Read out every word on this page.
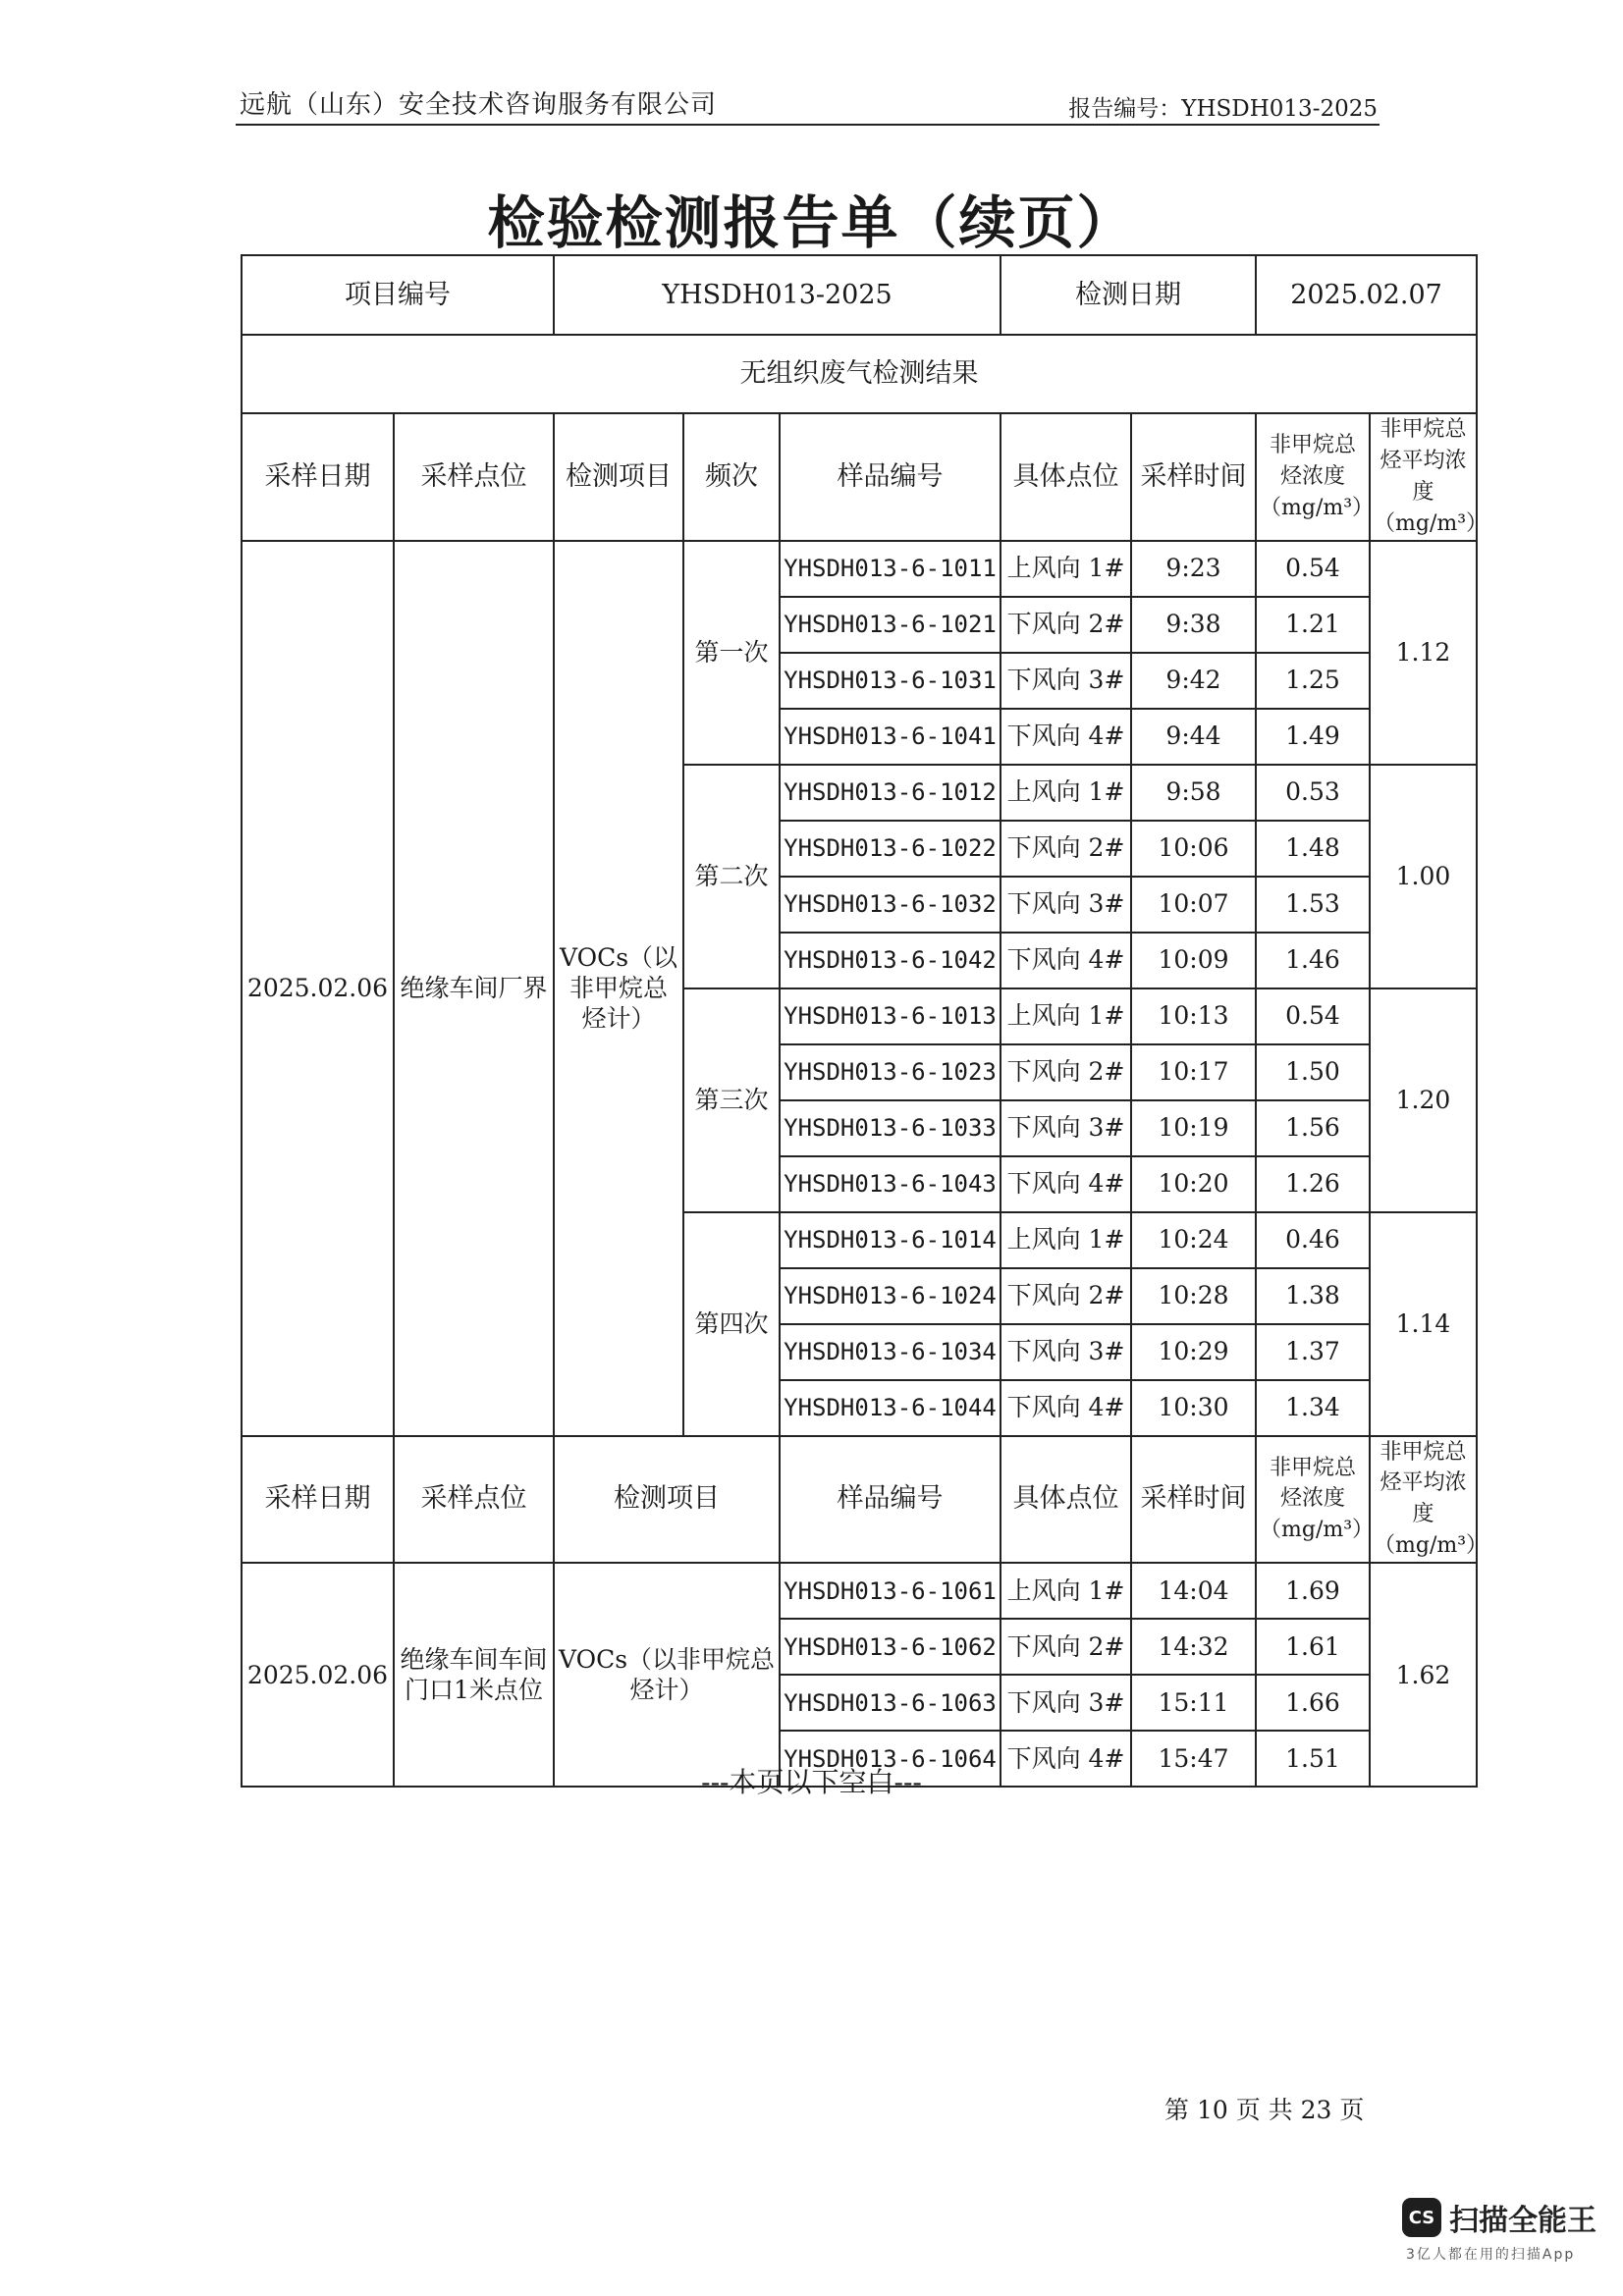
远航（山东）安全技术咨询服务有限公司	报告编号：YHSDH013-2025
检验检测报告单（续页）
项目编号		YHSDH013-2025			检测日期		2025.02.07	
无组织废气检测结果								
采样日期	采样点位	检测项目	频次	样品编号	具体点位	采样时间	非甲烷总烃浓度（mg/m³）	非甲烷总烃平均浓度（mg/m³）
2025.02.06	绝缘车间厂界	VOCs（以非甲烷总烃计）	第一次	YHSDH013-6-1011	上风向 1#	9:23	0.54	1.12
				YHSDH013-6-1021	下风向 2#	9:38	1.21	
				YHSDH013-6-1031	下风向 3#	9:42	1.25	
				YHSDH013-6-1041	下风向 4#	9:44	1.49	
			第二次	YHSDH013-6-1012	上风向 1#	9:58	0.53	1.00
				YHSDH013-6-1022	下风向 2#	10:06	1.48	
				YHSDH013-6-1032	下风向 3#	10:07	1.53	
				YHSDH013-6-1042	下风向 4#	10:09	1.46	
			第三次	YHSDH013-6-1013	上风向 1#	10:13	0.54	1.20
				YHSDH013-6-1023	下风向 2#	10:17	1.50	
				YHSDH013-6-1033	下风向 3#	10:19	1.56	
				YHSDH013-6-1043	下风向 4#	10:20	1.26	
			第四次	YHSDH013-6-1014	上风向 1#	10:24	0.46	1.14
				YHSDH013-6-1024	下风向 2#	10:28	1.38	
				YHSDH013-6-1034	下风向 3#	10:29	1.37	
				YHSDH013-6-1044	下风向 4#	10:30	1.34	
采样日期	采样点位	检测项目		样品编号	具体点位	采样时间	非甲烷总烃浓度（mg/m³）	非甲烷总烃平均浓度（mg/m³）
2025.02.06	绝缘车间车间门口1米点位	VOCs（以非甲烷总烃计）		YHSDH013-6-1061	上风向 1#	14:04	1.69	1.62
				YHSDH013-6-1062	下风向 2#	14:32	1.61	
				YHSDH013-6-1063	下风向 3#	15:11	1.66	
				YHSDH013-6-1064	下风向 4#	15:47	1.51	
---本页以下空白---
第 10 页 共 23 页
CS 扫描全能王
3亿人都在用的扫描App
